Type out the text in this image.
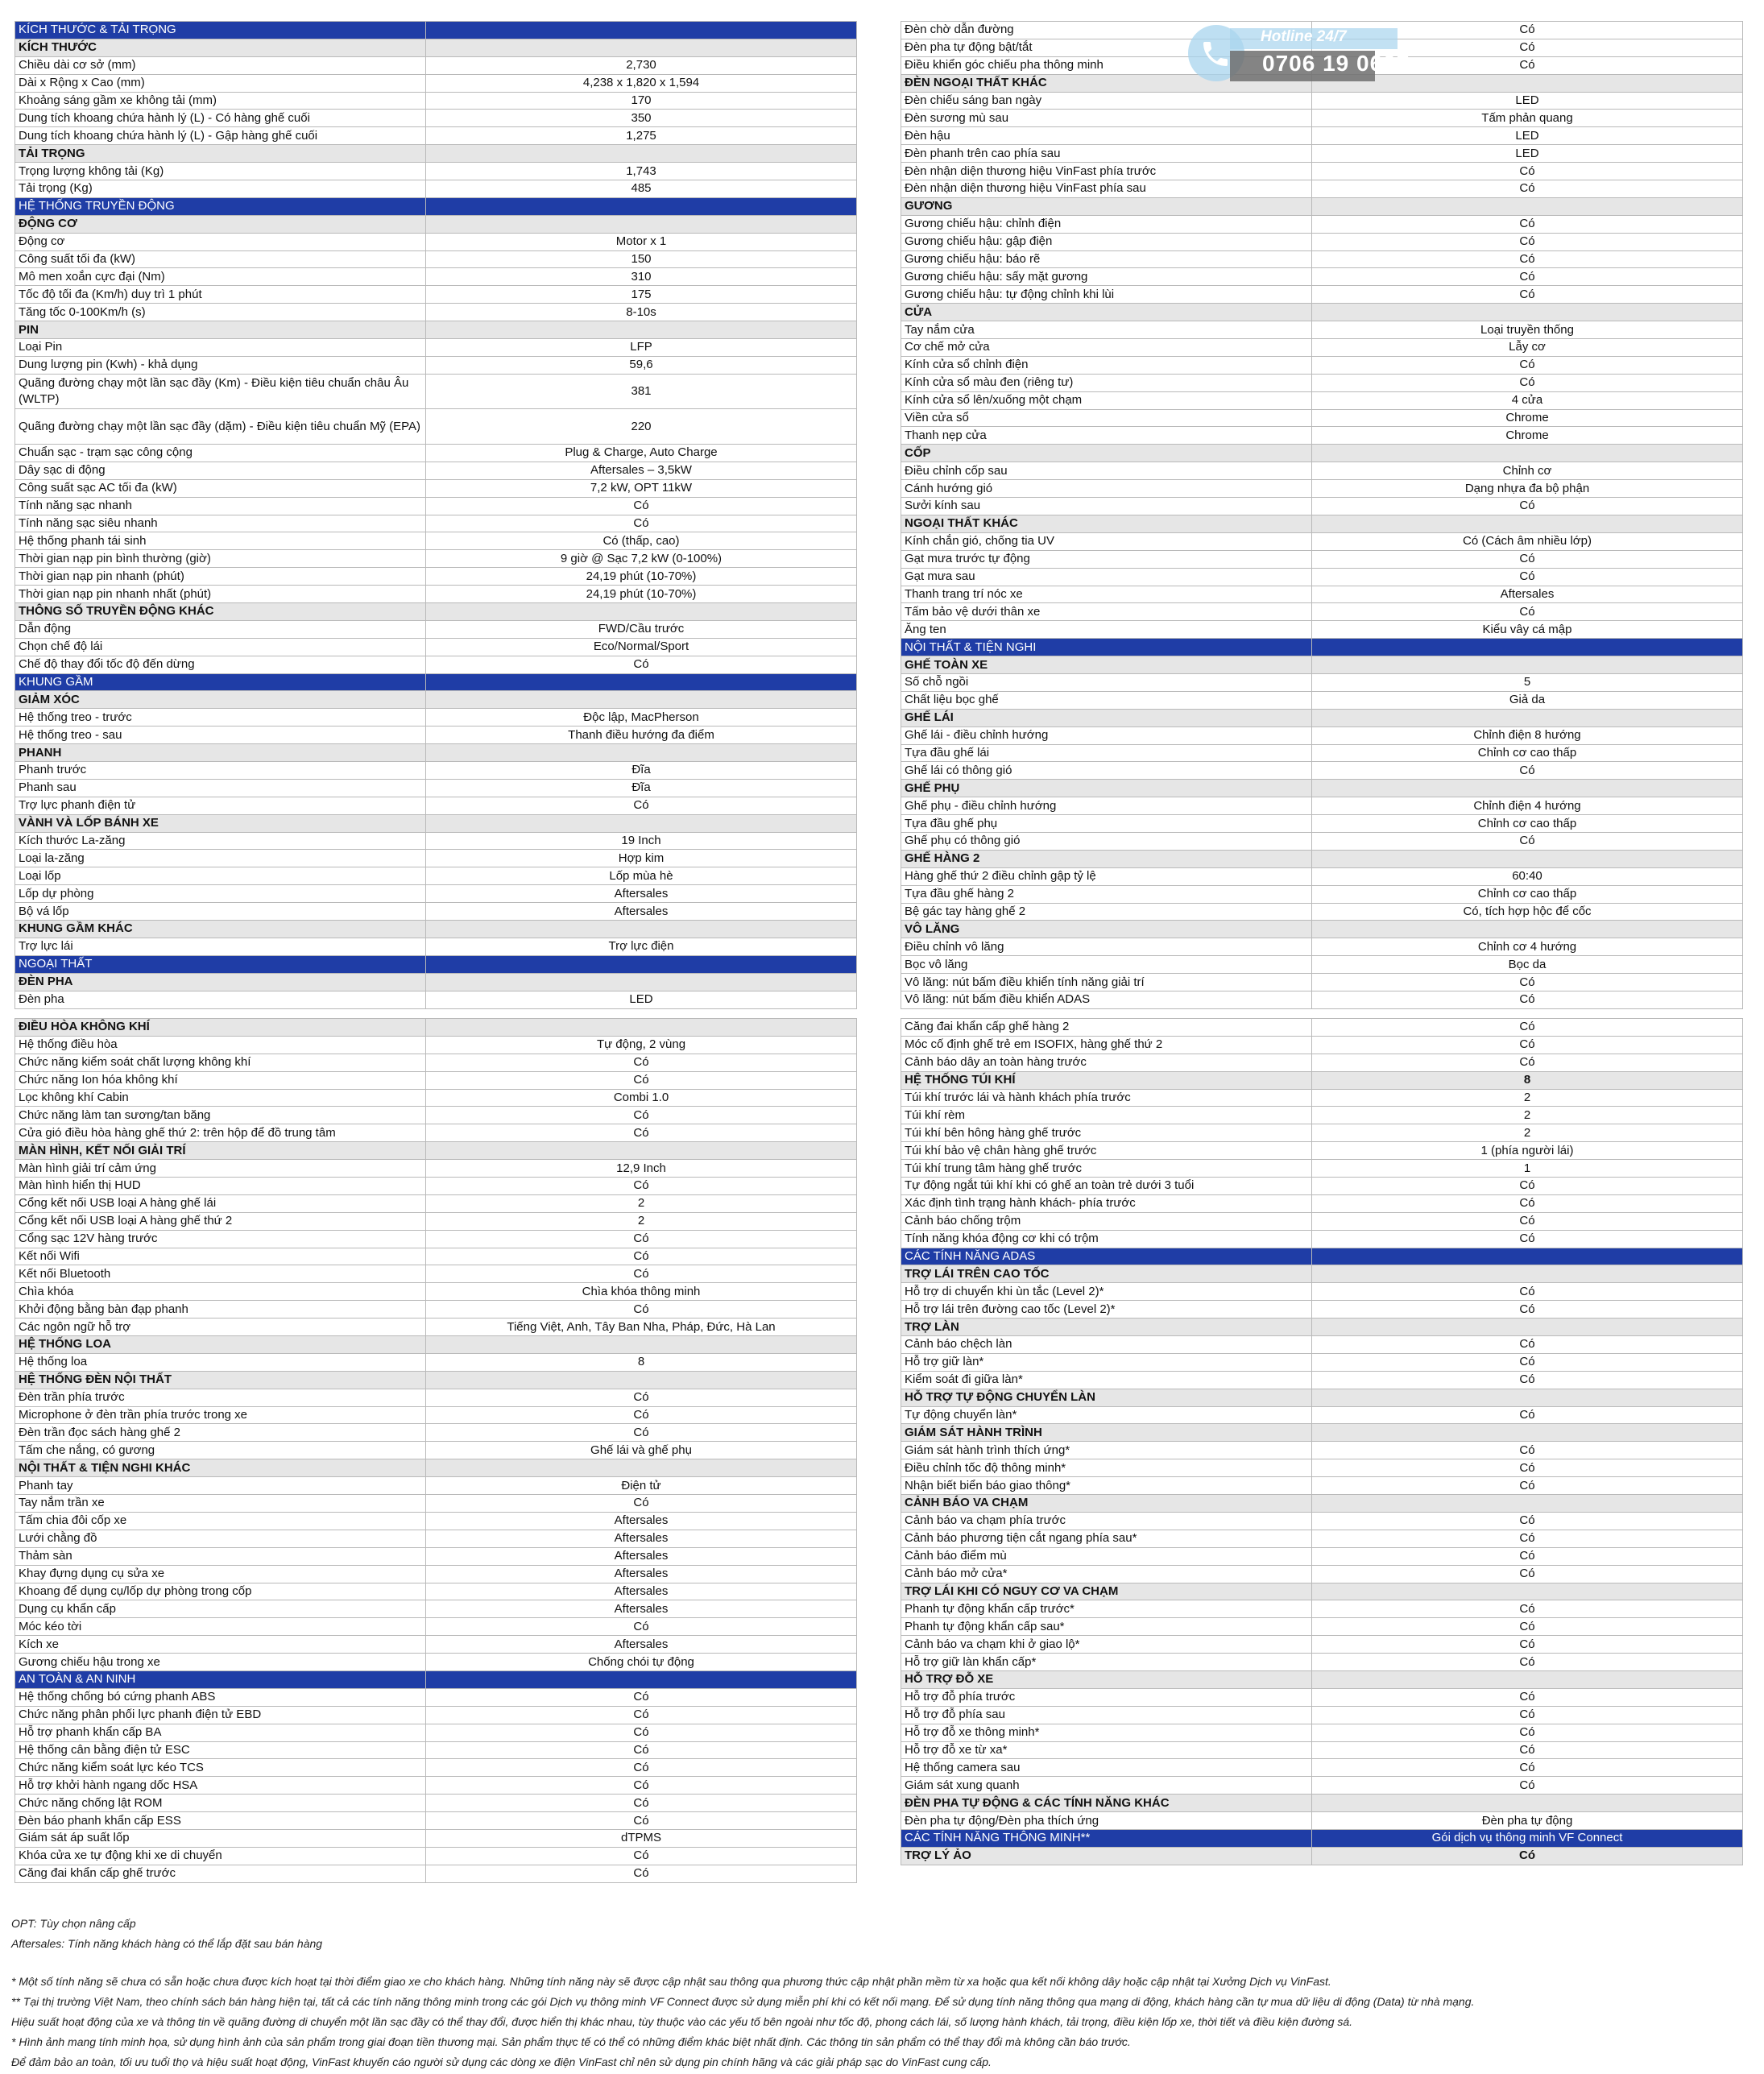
KÍCH THƯỚC & TẢI TRỌNG	
KÍCH THƯỚC	
Chiều dài cơ sở (mm)	2,730
Dài x Rộng x Cao (mm)	4,238 x 1,820 x 1,594
Khoảng sáng gầm xe không tải (mm)	170
Dung tích khoang chứa hành lý (L) - Có hàng ghế cuối	350
Dung tích khoang chứa hành lý (L) - Gập hàng ghế cuối	1,275
TẢI TRỌNG	
Trọng lượng không tải (Kg)	1,743
Tải trọng (Kg)	485
HỆ THỐNG TRUYỀN ĐỘNG	
ĐỘNG CƠ	
Động cơ	Motor x 1
Công suất tối đa (kW)	150
Mô men xoắn cực đại (Nm)	310
Tốc độ tối đa (Km/h) duy trì 1 phút	175
Tăng tốc 0-100Km/h (s)	8-10s
PIN	
Loại Pin	LFP
Dung lượng pin (Kwh) - khả dụng	59,6
Quãng đường chạy một lần sạc đầy (Km) - Điều kiện tiêu chuẩn châu Âu (WLTP)	381
Quãng đường chạy một lần sạc đầy (dặm) - Điều kiện tiêu chuẩn Mỹ (EPA)	220
Chuẩn sạc - trạm sạc công cộng	Plug & Charge, Auto Charge
Dây sạc di động	Aftersales – 3,5kW
Công suất sạc AC tối đa (kW)	7,2 kW, OPT 11kW
Tính năng sạc nhanh	Có
Tính năng sạc siêu nhanh	Có
Hệ thống phanh tái sinh	Có (thấp, cao)
Thời gian nạp pin bình thường (giờ)	9 giờ @ Sạc 7,2 kW (0-100%)
Thời gian nạp pin nhanh (phút)	24,19 phút (10-70%)
Thời gian nạp pin nhanh nhất (phút)	24,19 phút (10-70%)
THÔNG SỐ TRUYỀN ĐỘNG KHÁC	
Dẫn động	FWD/Cầu trước
Chọn chế độ lái	Eco/Normal/Sport
Chế độ thay đổi tốc độ đến dừng	Có
KHUNG GẦM	
GIẢM XÓC	
Hệ thống treo - trước	Độc lập, MacPherson
Hệ thống treo - sau	Thanh điều hướng đa điểm
PHANH	
Phanh trước	Đĩa
Phanh sau	Đĩa
Trợ lực phanh điện tử	Có
VÀNH VÀ LỐP BÁNH XE	
Kích thước La-zăng	19 Inch
Loại la-zăng	Hợp kim
Loại lốp	Lốp mùa hè
Lốp dự phòng	Aftersales
Bộ vá lốp	Aftersales
KHUNG GẦM KHÁC	
Trợ lực lái	Trợ lực điện
NGOẠI THẤT	
ĐÈN PHA	
Đèn pha	LED
ĐIỀU HÒA KHÔNG KHÍ	
Hệ thống điều hòa	Tự động, 2 vùng
Chức năng kiểm soát chất lượng không khí	Có
Chức năng Ion hóa không khí	Có
Lọc không khí Cabin	Combi 1.0
Chức năng làm tan sương/tan băng	Có
Cửa gió điều hòa hàng ghế thứ 2: trên hộp để đồ trung tâm	Có
MÀN HÌNH, KẾT NỐI GIẢI TRÍ	
Màn hình giải trí cảm ứng	12,9 Inch
Màn hình hiển thị HUD	Có
Cổng kết nối USB loại A hàng ghế lái	2
Cổng kết nối USB loại A hàng ghế thứ 2	2
Cổng sạc 12V hàng trước	Có
Kết nối Wifi	Có
Kết nối Bluetooth	Có
Chìa khóa	Chìa khóa thông minh
Khởi động bằng bàn đạp phanh	Có
Các ngôn ngữ hỗ trợ	Tiếng Việt, Anh, Tây Ban Nha, Pháp, Đức, Hà Lan
HỆ THỐNG LOA	
Hệ thống loa	8
HỆ THỐNG ĐÈN NỘI THẤT	
Đèn trần phía trước	Có
Microphone ở đèn trần phía trước trong xe	Có
Đèn trần đọc sách hàng ghế 2	Có
Tấm che nắng, có gương	Ghế lái và ghế phụ
NỘI THẤT & TIỆN NGHI KHÁC	
Phanh tay	Điện tử
Tay nắm trần xe	Có
Tấm chia đôi cốp xe	Aftersales
Lưới chằng đồ	Aftersales
Thảm sàn	Aftersales
Khay đựng dụng cụ sửa xe	Aftersales
Khoang để dụng cụ/lốp dự phòng trong cốp	Aftersales
Dụng cụ khẩn cấp	Aftersales
Móc kéo tời	Có
Kích xe	Aftersales
Gương chiếu hậu trong xe	Chống chói tự động
AN TOÀN & AN NINH	
Hệ thống chống bó cứng phanh ABS	Có
Chức năng phân phối lực phanh điện tử EBD	Có
Hỗ trợ phanh khẩn cấp BA	Có
Hệ thống cân bằng điện tử ESC	Có
Chức năng kiểm soát lực kéo TCS	Có
Hỗ trợ khởi hành ngang dốc HSA	Có
Chức năng chống lật ROM	Có
Đèn báo phanh khẩn cấp ESS	Có
Giám sát áp suất lốp	dTPMS
Khóa cửa xe tự động khi xe di chuyển	Có
Căng đai khẩn cấp ghế trước	Có
Đèn chờ dẫn đường	Có
Đèn pha tự động bật/tắt	Có
Điều khiển góc chiếu pha thông minh	Có
ĐÈN NGOẠI THẤT KHÁC	
Đèn chiếu sáng ban ngày	LED
Đèn sương mù sau	Tấm phản quang
Đèn hậu	LED
Đèn phanh trên cao phía sau	LED
Đèn nhận diện thương hiệu VinFast phía trước	Có
Đèn nhận diện thương hiệu VinFast phía sau	Có
GƯƠNG	
Gương chiếu hậu: chỉnh điện	Có
Gương chiếu hậu: gập điện	Có
Gương chiếu hậu: báo rẽ	Có
Gương chiếu hậu: sấy mặt gương	Có
Gương chiếu hậu: tự động chỉnh khi lùi	Có
CỬA	
Tay nắm cửa	Loại truyền thống
Cơ chế mở cửa	Lẫy cơ
Kính cửa sổ chỉnh điện	Có
Kính cửa sổ màu đen (riêng tư)	Có
Kính cửa sổ lên/xuống một chạm	4 cửa
Viền cửa sổ	Chrome
Thanh nẹp cửa	Chrome
CỐP	
Điều chỉnh cốp sau	Chỉnh cơ
Cánh hướng gió	Dạng nhựa đa bộ phận
Sưởi kính sau	Có
NGOẠI THẤT KHÁC	
Kính chắn gió, chống tia UV	Có (Cách âm nhiều lớp)
Gạt mưa trước tự động	Có
Gạt mưa sau	Có
Thanh trang trí nóc xe	Aftersales
Tấm bảo vệ dưới thân xe	Có
Ăng ten	Kiểu vây cá mập
NỘI THẤT & TIỆN NGHI	
GHẾ TOÀN XE	
Số chỗ ngồi	5
Chất liệu bọc ghế	Giả da
GHẾ LÁI	
Ghế lái - điều chỉnh hướng	Chỉnh điện 8 hướng
Tựa đầu ghế lái	Chỉnh cơ cao thấp
Ghế lái có thông gió	Có
GHẾ PHỤ	
Ghế phụ - điều chỉnh hướng	Chỉnh điện 4 hướng
Tựa đầu ghế phụ	Chỉnh cơ cao thấp
Ghế phụ có thông gió	Có
GHẾ HÀNG 2	
Hàng ghế thứ 2 điều chỉnh gập tỷ lệ	60:40
Tựa đầu ghế hàng 2	Chỉnh cơ cao thấp
Bệ gác tay hàng ghế 2	Có, tích hợp hộc để cốc
VÔ LĂNG	
Điều chỉnh vô lăng	Chỉnh cơ 4 hướng
Bọc vô lăng	Bọc da
Vô lăng: nút bấm điều khiển tính năng giải trí	Có
Vô lăng: nút bấm điều khiển ADAS	Có
Căng đai khẩn cấp ghế hàng 2	Có
Móc cố định ghế trẻ em ISOFIX, hàng ghế thứ 2	Có
Cảnh báo dây an toàn hàng trước	Có
HỆ THỐNG TÚI KHÍ	8
Túi khí trước lái và hành khách phía trước	2
Túi khí rèm	2
Túi khí bên hông hàng ghế trước	2
Túi khí bảo vệ chân hàng ghế trước	1 (phía người lái)
Túi khí trung tâm hàng ghế trước	1
Tự động ngắt túi khí khi có ghế an toàn trẻ dưới 3 tuổi	Có
Xác định tình trạng hành khách- phía trước	Có
Cảnh báo chống trộm	Có
Tính năng khóa động cơ khi có trộm	Có
CÁC TÍNH NĂNG ADAS	
TRỢ LÁI TRÊN CAO TỐC	
Hỗ trợ di chuyển khi ùn tắc (Level 2)*	Có
Hỗ trợ lái trên đường cao tốc (Level 2)*	Có
TRỢ LÀN	
Cảnh báo chệch làn	Có
Hỗ trợ giữ làn*	Có
Kiểm soát đi giữa làn*	Có
HỖ TRỢ TỰ ĐỘNG CHUYỂN LÀN	
Tự động chuyển làn*	Có
GIÁM SÁT HÀNH TRÌNH	
Giám sát hành trình thích ứng*	Có
Điều chỉnh tốc độ thông minh*	Có
Nhận biết biển báo giao thông*	Có
CẢNH BÁO VA CHẠM	
Cảnh báo va chạm phía trước	Có
Cảnh báo phương tiện cắt ngang phía sau*	Có
Cảnh báo điểm mù	Có
Cảnh báo mở cửa*	Có
TRỢ LÁI KHI CÓ NGUY CƠ VA CHẠM	
Phanh tự động khẩn cấp trước*	Có
Phanh tự động khẩn cấp sau*	Có
Cảnh báo va chạm khi ở giao lộ*	Có
Hỗ trợ giữ làn khẩn cấp*	Có
HỖ TRỢ ĐỖ XE	
Hỗ trợ đỗ phía trước	Có
Hỗ trợ đỗ phía sau	Có
Hỗ trợ đỗ xe thông minh*	Có
Hỗ trợ đỗ xe từ xa*	Có
Hệ thống camera sau	Có
Giám sát xung quanh	Có
ĐÈN PHA TỰ ĐỘNG & CÁC TÍNH NĂNG KHÁC	
Đèn pha tự động/Đèn pha thích ứng	Đèn pha tự động
CÁC TÍNH NĂNG THÔNG MINH**	Gói dịch vụ thông minh VF Connect
TRỢ LÝ ẢO	Có
Hotline 24/7
0706 19 0607

OPT: Tùy chọn nâng cấp

Aftersales: Tính năng khách hàng có thể lắp đặt sau bán hàng

* Một số tính năng sẽ chưa có sẵn hoặc chưa được kích hoạt tại thời điểm giao xe cho khách hàng. Những tính năng này sẽ được cập nhật sau thông qua phương thức cập nhật phần mềm từ xa hoặc qua kết nối không dây hoặc cập nhật tại Xưởng Dịch vụ VinFast.

** Tại thị trường Việt Nam, theo chính sách bán hàng hiện tại, tất cả các tính năng thông minh trong các gói Dịch vụ thông minh VF Connect được sử dụng miễn phí khi có kết nối mạng. Để sử dụng tính năng thông qua mạng di động, khách hàng cần tự mua dữ liệu di động (Data) từ nhà mạng.

Hiệu suất hoạt động của xe và thông tin về quãng đường di chuyển một lần sạc đầy có thể thay đổi, được hiển thị khác nhau, tùy thuộc vào các yếu tố bên ngoài như tốc độ, phong cách lái, số lượng hành khách, tải trọng, điều kiện lốp xe, thời tiết và điều kiện đường sá.

* Hình ảnh mang tính minh họa, sử dụng hình ảnh của sản phẩm trong giai đoạn tiền thương mại. Sản phẩm thực tế có thể có những điểm khác biệt nhất định. Các thông tin sản phẩm có thể thay đổi mà không cần báo trước.

Để đảm bảo an toàn, tối ưu tuổi thọ và hiệu suất hoạt động, VinFast khuyến cáo người sử dụng các dòng xe điện VinFast chỉ nên sử dụng pin chính hãng và các giải pháp sạc do VinFast cung cấp.
